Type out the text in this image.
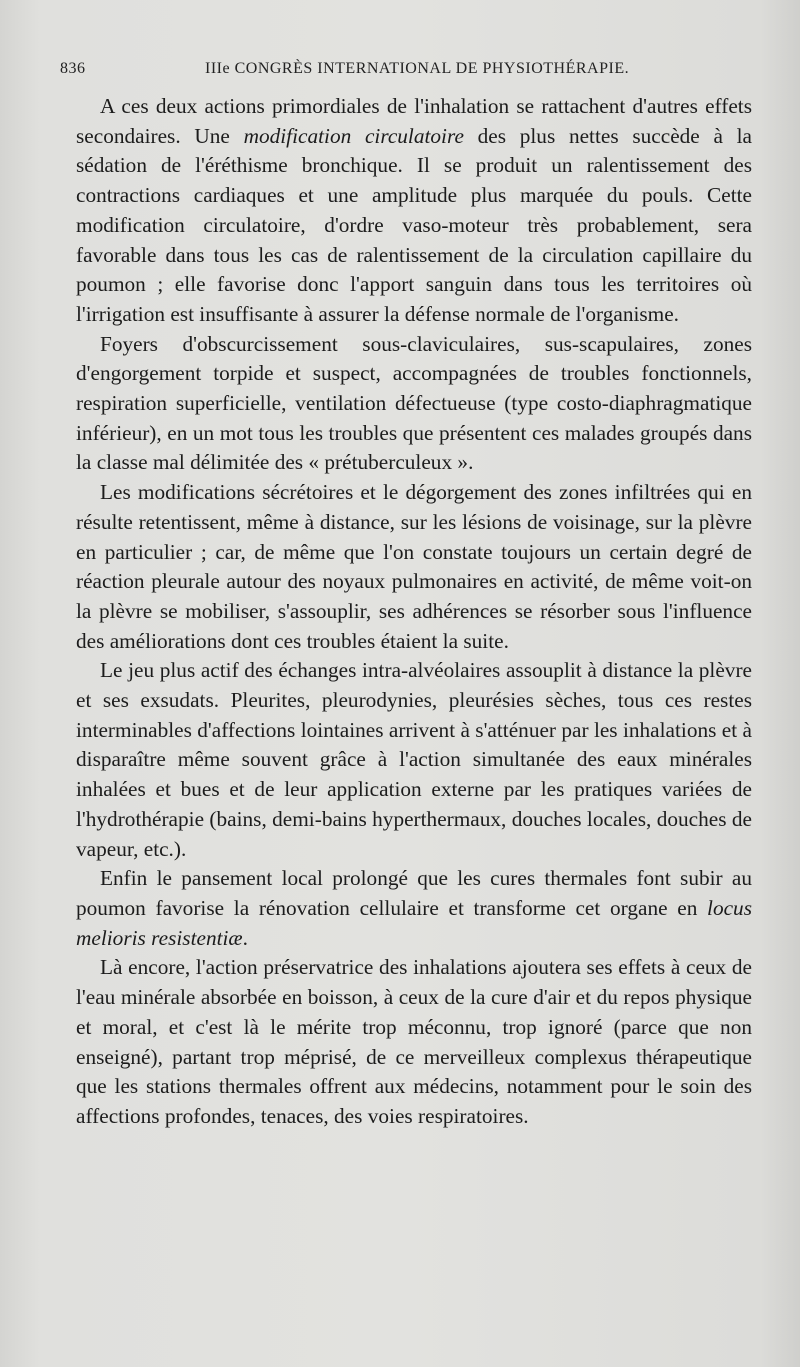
836	IIIe CONGRÈS INTERNATIONAL DE PHYSIOTHÉRAPIE.

A ces deux actions primordiales de l'inhalation se rattachent d'autres effets secondaires. Une modification circulatoire des plus nettes succède à la sédation de l'éréthisme bronchique. Il se produit un ralentissement des contractions cardiaques et une amplitude plus marquée du pouls. Cette modification circulatoire, d'ordre vaso-moteur très probablement, sera favorable dans tous les cas de ralentissement de la circulation capillaire du poumon ; elle favorise donc l'apport sanguin dans tous les territoires où l'irrigation est insuffisante à assurer la défense normale de l'organisme.

Foyers d'obscurcissement sous-claviculaires, sus-scapulaires, zones d'engorgement torpide et suspect, accompagnées de troubles fonctionnels, respiration superficielle, ventilation défectueuse (type costo-diaphragmatique inférieur), en un mot tous les troubles que présentent ces malades groupés dans la classe mal délimitée des « prétuberculeux ».

Les modifications sécrétoires et le dégorgement des zones infiltrées qui en résulte retentissent, même à distance, sur les lésions de voisinage, sur la plèvre en particulier ; car, de même que l'on constate toujours un certain degré de réaction pleurale autour des noyaux pulmonaires en activité, de même voit-on la plèvre se mobiliser, s'assouplir, ses adhérences se résorber sous l'influence des améliorations dont ces troubles étaient la suite.

Le jeu plus actif des échanges intra-alvéolaires assouplit à distance la plèvre et ses exsudats. Pleurites, pleurodynies, pleurésies sèches, tous ces restes interminables d'affections lointaines arrivent à s'atténuer par les inhalations et à disparaître même souvent grâce à l'action simultanée des eaux minérales inhalées et bues et de leur application externe par les pratiques variées de l'hydrothérapie (bains, demi-bains hyperthermaux, douches locales, douches de vapeur, etc.).

Enfin le pansement local prolongé que les cures thermales font subir au poumon favorise la rénovation cellulaire et transforme cet organe en locus melioris resistentiæ.

Là encore, l'action préservatrice des inhalations ajoutera ses effets à ceux de l'eau minérale absorbée en boisson, à ceux de la cure d'air et du repos physique et moral, et c'est là le mérite trop méconnu, trop ignoré (parce que non enseigné), partant trop méprisé, de ce merveilleux complexus thérapeutique que les stations thermales offrent aux médecins, notamment pour le soin des affections profondes, tenaces, des voies respiratoires.
